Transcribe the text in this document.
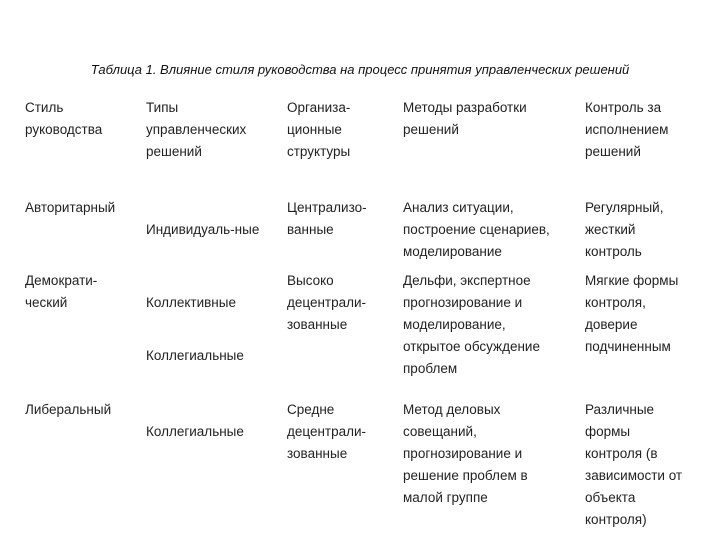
Таблица 1. Влияние стиля руководства на процесс принятия управленческих решений
Стиль
руководства
Типы
управленческих
решений
Организа-
ционные
структуры
Методы разработки
решений
Контроль за
исполнением
решений
Авторитарный

Индивидуаль-ные

Централизо-
ванные
Анализ ситуации,
построение сценариев,
моделирование
Регулярный,
жесткий
контроль
Демократи-
ческий	Коллективные

Коллегиальные

Высоко
децентрали-
зованные
Дельфи, экспертное
прогнозирование и
моделирование,
открытое обсуждение
проблем
Мягкие формы
контроля,
доверие
подчиненным
Либеральный

Коллегиальные

Средне
децентрали-
зованные
Метод деловых
совещаний,
прогнозирование и
решение проблем в
малой группе
Различные
формы
контроля (в
зависимости от
объекта
контроля)
